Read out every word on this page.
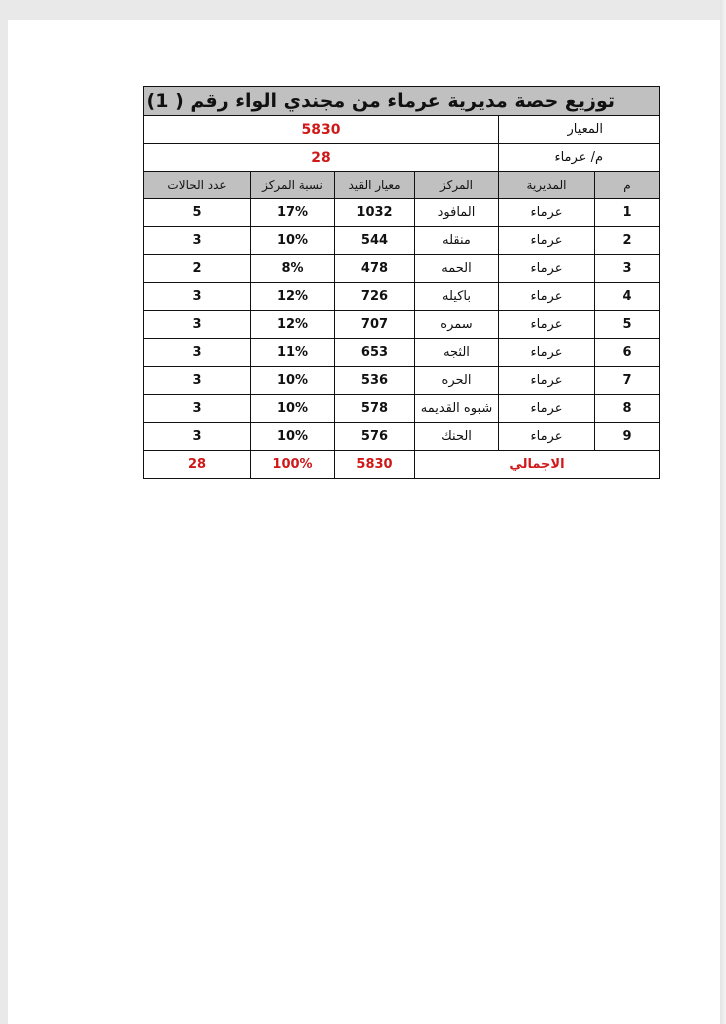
توزيع حصة مديرية عرماء من مجندي الواء رقم ( 1)					
المعيار		5830			
م/ عرماء		28			
م	المديرية	المركز	معيار القيد	نسبة المركز	عدد الحالات
1	عرماء	المافود	1032	17%	5
2	عرماء	منقله	544	10%	3
3	عرماء	الحمه	478	8%	2
4	عرماء	باكيله	726	12%	3
5	عرماء	سمره	707	12%	3
6	عرماء	الثجه	653	11%	3
7	عرماء	الحره	536	10%	3
8	عرماء	شبوه القديمه	578	10%	3
9	عرماء	الحنك	576	10%	3
الاجمالي			5830	100%	28
